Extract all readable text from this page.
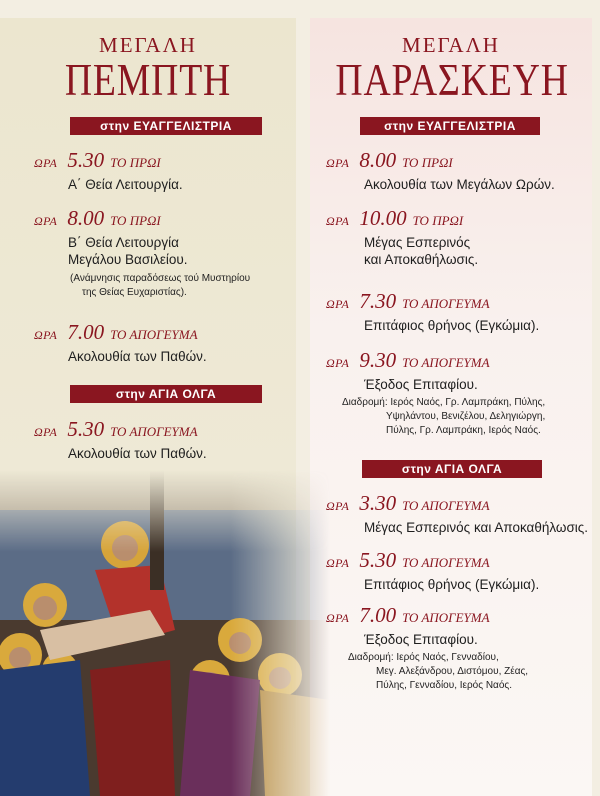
ΜΕΓΑΛΗ
ΠΕΜΠΤΗ
ΜΕΓΑΛΗ
ΠΑΡΑΣΚΕΥΗ
στην ΕΥΑΓΓΕΛΙΣΤΡΙΑ
ΩΡΑ 5.30 ΤΟ ΠΡΩΙ
Α΄ Θεία Λειτουργία.
ΩΡΑ 8.00 ΤΟ ΠΡΩΙ
Β΄ Θεία Λειτουργία
Μεγάλου Βασιλείου.
(Ανάμνησις παραδόσεως τού Μυστηρίου
της Θείας Ευχαριστίας).
ΩΡΑ 7.00 ΤΟ ΑΠΟΓΕΥΜΑ
Ακολουθία των Παθών.
στην ΑΓΙΑ ΟΛΓΑ
ΩΡΑ 5.30 ΤΟ ΑΠΟΓΕΥΜΑ
Ακολουθία των Παθών.
στην ΕΥΑΓΓΕΛΙΣΤΡΙΑ
ΩΡΑ 8.00 ΤΟ ΠΡΩΙ
Ακολουθία των Μεγάλων Ωρών.
ΩΡΑ 10.00 ΤΟ ΠΡΩΙ
Μέγας Εσπερινός
και Αποκαθήλωσις.
ΩΡΑ 7.30 ΤΟ ΑΠΟΓΕΥΜΑ
Επιτάφιος θρήνος (Εγκώμια).
ΩΡΑ 9.30 ΤΟ ΑΠΟΓΕΥΜΑ
Έξοδος Επιταφίου.
Διαδρομή: Ιερός Ναός, Γρ. Λαμπράκη, Πύλης,
Υψηλάντου, Βενιζέλου, Δεληγιώργη,
Πύλης, Γρ. Λαμπράκη, Ιερός Ναός.
στην ΑΓΙΑ ΟΛΓΑ
ΩΡΑ 3.30 ΤΟ ΑΠΟΓΕΥΜΑ
Μέγας Εσπερινός και Αποκαθήλωσις.
ΩΡΑ 5.30 ΤΟ ΑΠΟΓΕΥΜΑ
Επιτάφιος θρήνος (Εγκώμια).
ΩΡΑ 7.00 ΤΟ ΑΠΟΓΕΥΜΑ
Έξοδος Επιταφίου.
Διαδρομή: Ιερός Ναός, Γενναδίου,
Μεγ. Αλεξάνδρου, Διστόμου, Ζέας,
Πύλης, Γενναδίου, Ιερός Ναός.
